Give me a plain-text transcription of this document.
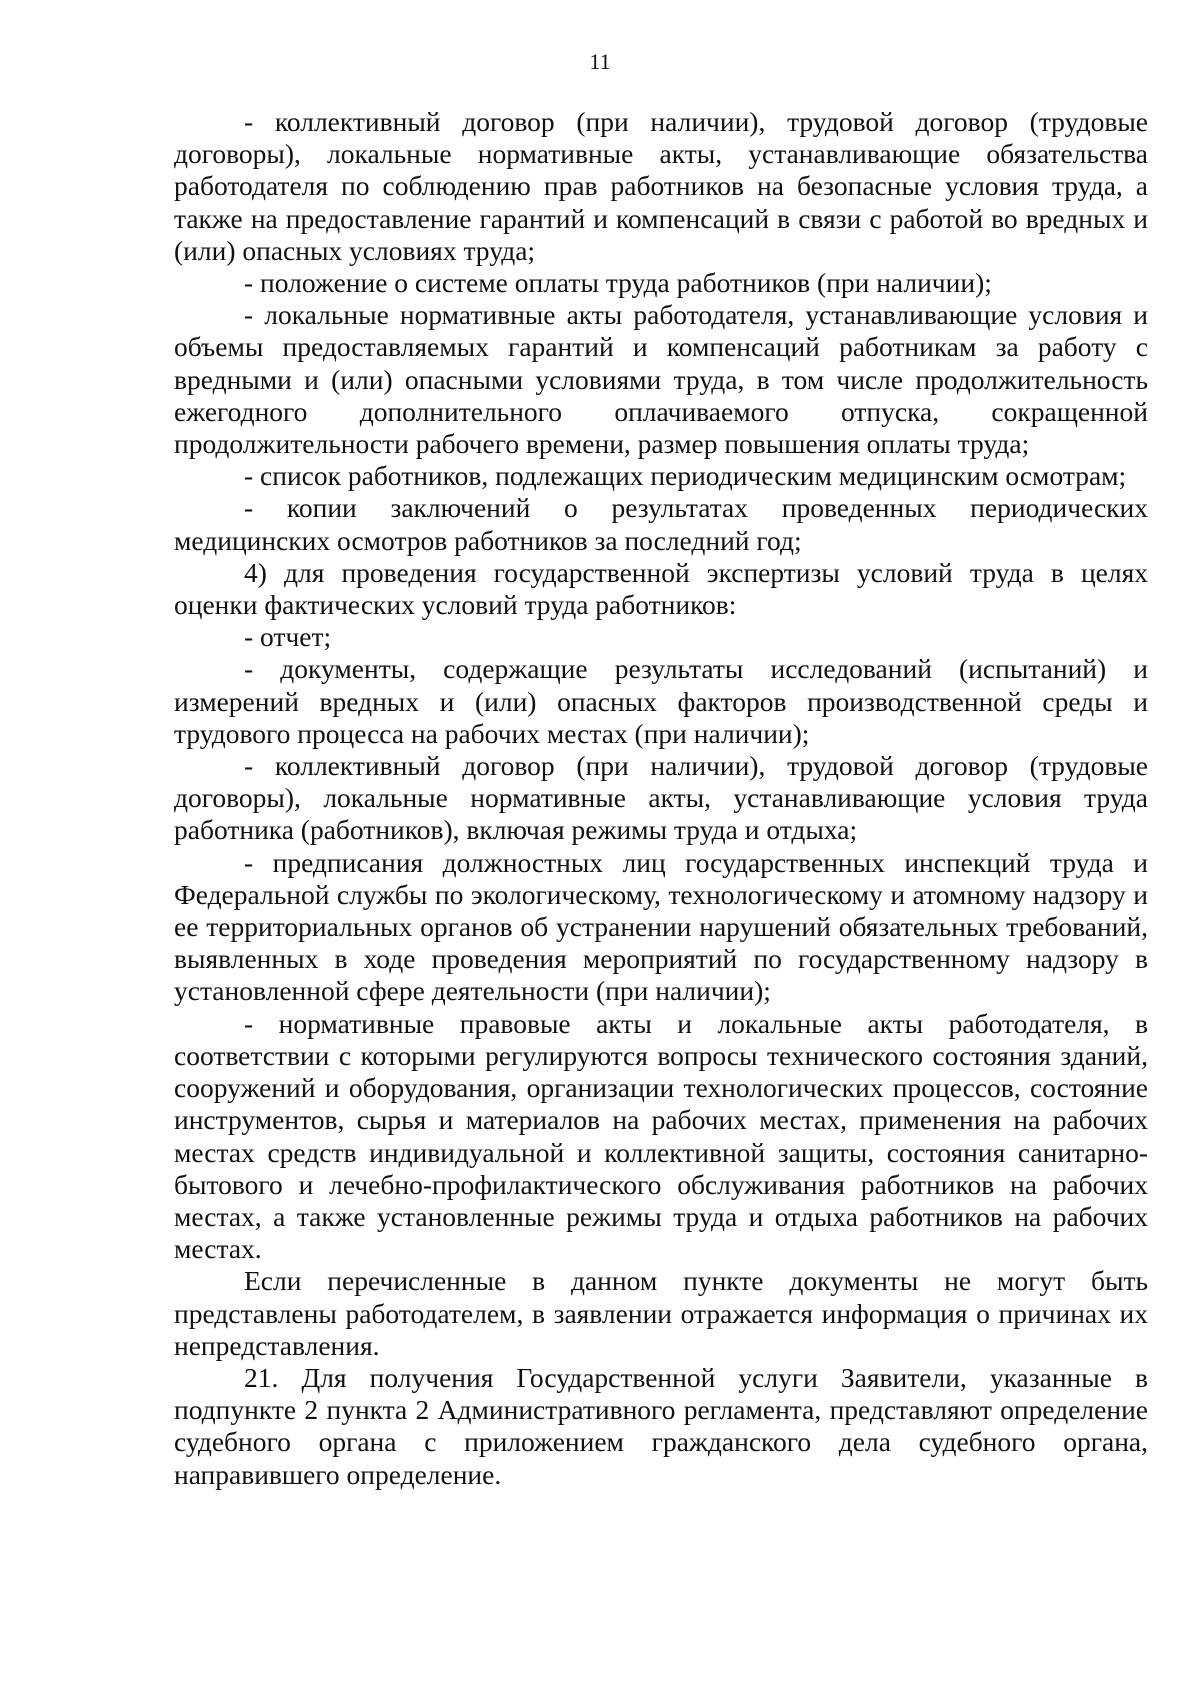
11

- коллективный договор (при наличии), трудовой договор (трудовые договоры), локальные нормативные акты, устанавливающие обязательства работодателя по соблюдению прав работников на безопасные условия труда, а также на предоставление гарантий и компенсаций в связи с работой во вредных и (или) опасных условиях труда;

- положение о системе оплаты труда работников (при наличии);

- локальные нормативные акты работодателя, устанавливающие условия и объемы предоставляемых гарантий и компенсаций работникам за работу с вредными и (или) опасными условиями труда, в том числе продолжительность ежегодного дополнительного оплачиваемого отпуска, сокращенной продолжительности рабочего времени, размер повышения оплаты труда;

- список работников, подлежащих периодическим медицинским осмотрам;

- копии заключений о результатах проведенных периодических медицинских осмотров работников за последний год;

4) для проведения государственной экспертизы условий труда в целях оценки фактических условий труда работников:

- отчет;

- документы, содержащие результаты исследований (испытаний) и измерений вредных и (или) опасных факторов производственной среды и трудового процесса на рабочих местах (при наличии);

- коллективный договор (при наличии), трудовой договор (трудовые договоры), локальные нормативные акты, устанавливающие условия труда работника (работников), включая режимы труда и отдыха;

- предписания должностных лиц государственных инспекций труда и Федеральной службы по экологическому, технологическому и атомному надзору и ее территориальных органов об устранении нарушений обязательных требований, выявленных в ходе проведения мероприятий по государственному надзору в установленной сфере деятельности (при наличии);

- нормативные правовые акты и локальные акты работодателя, в соответствии с которыми регулируются вопросы технического состояния зданий, сооружений и оборудования, организации технологических процессов, состояние инструментов, сырья и материалов на рабочих местах, применения на рабочих местах средств индивидуальной и коллективной защиты, состояния санитарно-бытового и лечебно-профилактического обслуживания работников на рабочих местах, а также установленные режимы труда и отдыха работников на рабочих местах.

Если перечисленные в данном пункте документы не могут быть представлены работодателем, в заявлении отражается информация о причинах их непредставления.

21. Для получения Государственной услуги Заявители, указанные в подпункте 2 пункта 2 Административного регламента, представляют определение судебного органа с приложением гражданского дела судебного органа, направившего определение.
